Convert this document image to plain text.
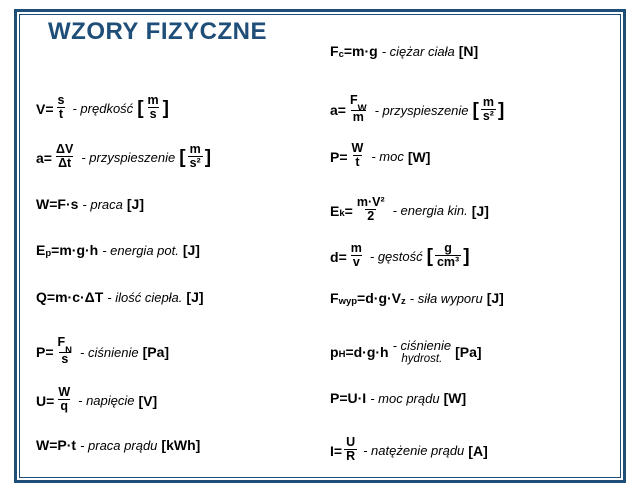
WZORY FIZYCZNE
$V = \frac{s}{t}$ - prędkość [ $\frac{m}{s}$ ]
$a = \frac{\Delta V}{\Delta t}$ - przyspieszenie [ $\frac{m}{\text{s²}}$ ]
W = F·s - praca [J]
E p = m·g·h - energia pot. [J]
Q = m·c·ΔT - ilość ciepła. [J]
$P = \frac{F_N}{s}$ - ciśnienie [Pa]
$U = \frac{W}{q}$ - napięcie [V]
W = P·t - praca prądu [kWh]
F c = m·g - ciężar ciała [N]
$a = \frac{F_W}{m}$ - przyspieszenie [ $\frac{m}{\text{s²}}$ ]
$P = \frac{W}{t}$ - moc [W]
E $k = \frac{\text{m·V²}}{2}$ - energia kin. [J]
$d = \frac{m}{v}$ - gęstość [ $\frac{g}{\text{cm³}}$ ]
F wyp = d·g·V z - siła wyporu [J]
p H = d·g·h - ciśnienie
hydrost. [Pa]
P = U·I - moc prądu [W]
$I = \frac{U}{R}$ - natężenie prądu [A]
